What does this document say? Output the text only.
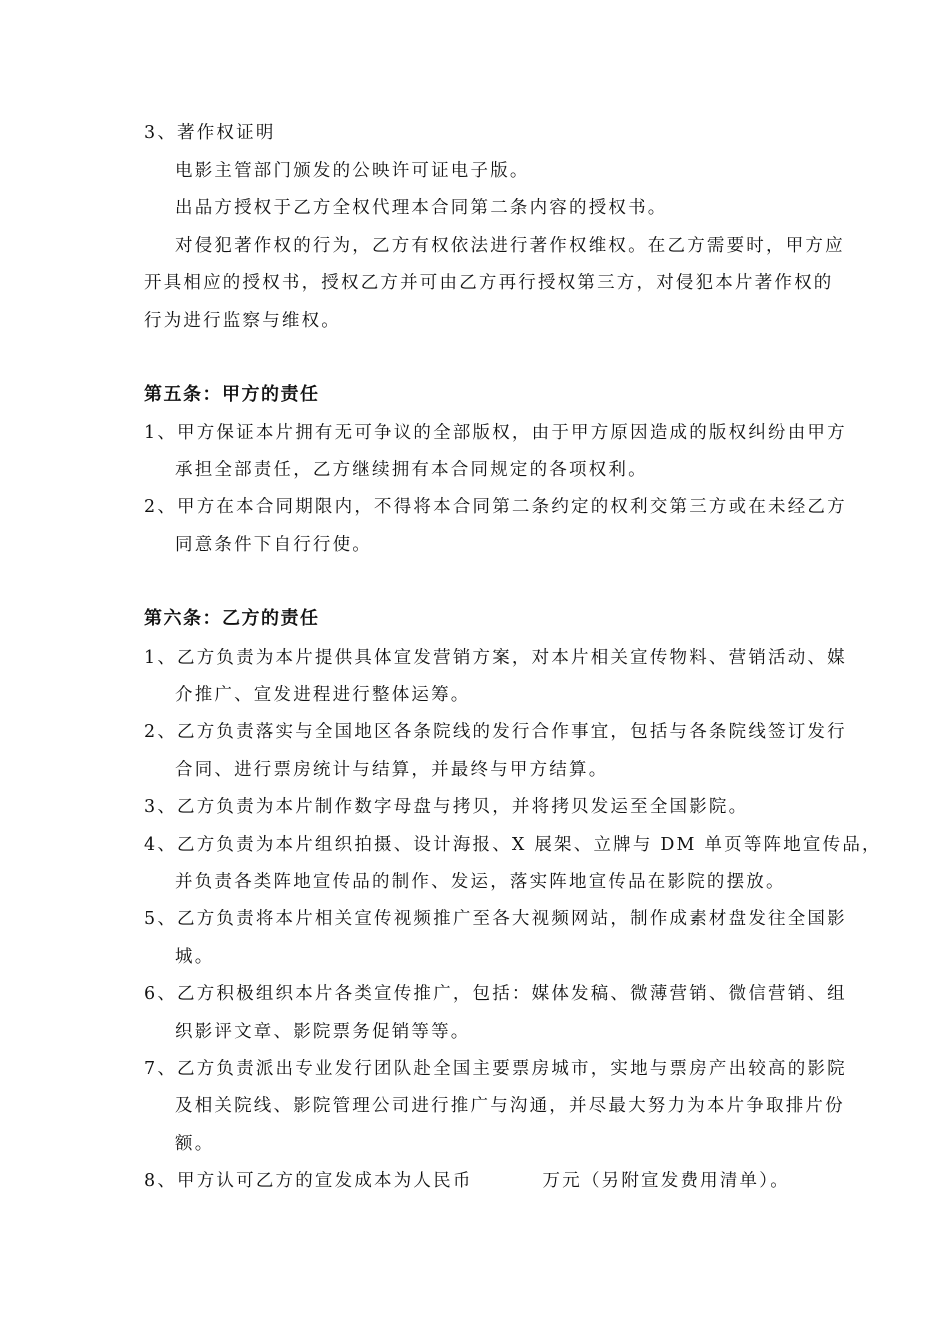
3、著作权证明
电影主管部门颁发的公映许可证电子版。
出品方授权于乙方全权代理本合同第二条内容的授权书。
对侵犯著作权的行为，乙方有权依法进行著作权维权。在乙方需要时，甲方应
开具相应的授权书，授权乙方并可由乙方再行授权第三方，对侵犯本片著作权的
行为进行监察与维权。
第五条：甲方的责任
1、甲方保证本片拥有无可争议的全部版权，由于甲方原因造成的版权纠纷由甲方
承担全部责任，乙方继续拥有本合同规定的各项权利。
2、甲方在本合同期限内，不得将本合同第二条约定的权利交第三方或在未经乙方
同意条件下自行行使。
第六条：乙方的责任
1、乙方负责为本片提供具体宣发营销方案，对本片相关宣传物料、营销活动、媒
介推广、宣发进程进行整体运筹。
2、乙方负责落实与全国地区各条院线的发行合作事宜，包括与各条院线签订发行
合同、进行票房统计与结算，并最终与甲方结算。
3、乙方负责为本片制作数字母盘与拷贝，并将拷贝发运至全国影院。
4、乙方负责为本片组织拍摄、设计海报、X 展架、立牌与 DM 单页等阵地宣传品，
并负责各类阵地宣传品的制作、发运，落实阵地宣传品在影院的摆放。
5、乙方负责将本片相关宣传视频推广至各大视频网站，制作成素材盘发往全国影
城。
6、乙方积极组织本片各类宣传推广，包括：媒体发稿、微薄营销、微信营销、组
织影评文章、影院票务促销等等。
7、乙方负责派出专业发行团队赴全国主要票房城市，实地与票房产出较高的影院
及相关院线、影院管理公司进行推广与沟通，并尽最大努力为本片争取排片份
额。
8、甲方认可乙方的宣发成本为人民币	万元（另附宣发费用清单）。
